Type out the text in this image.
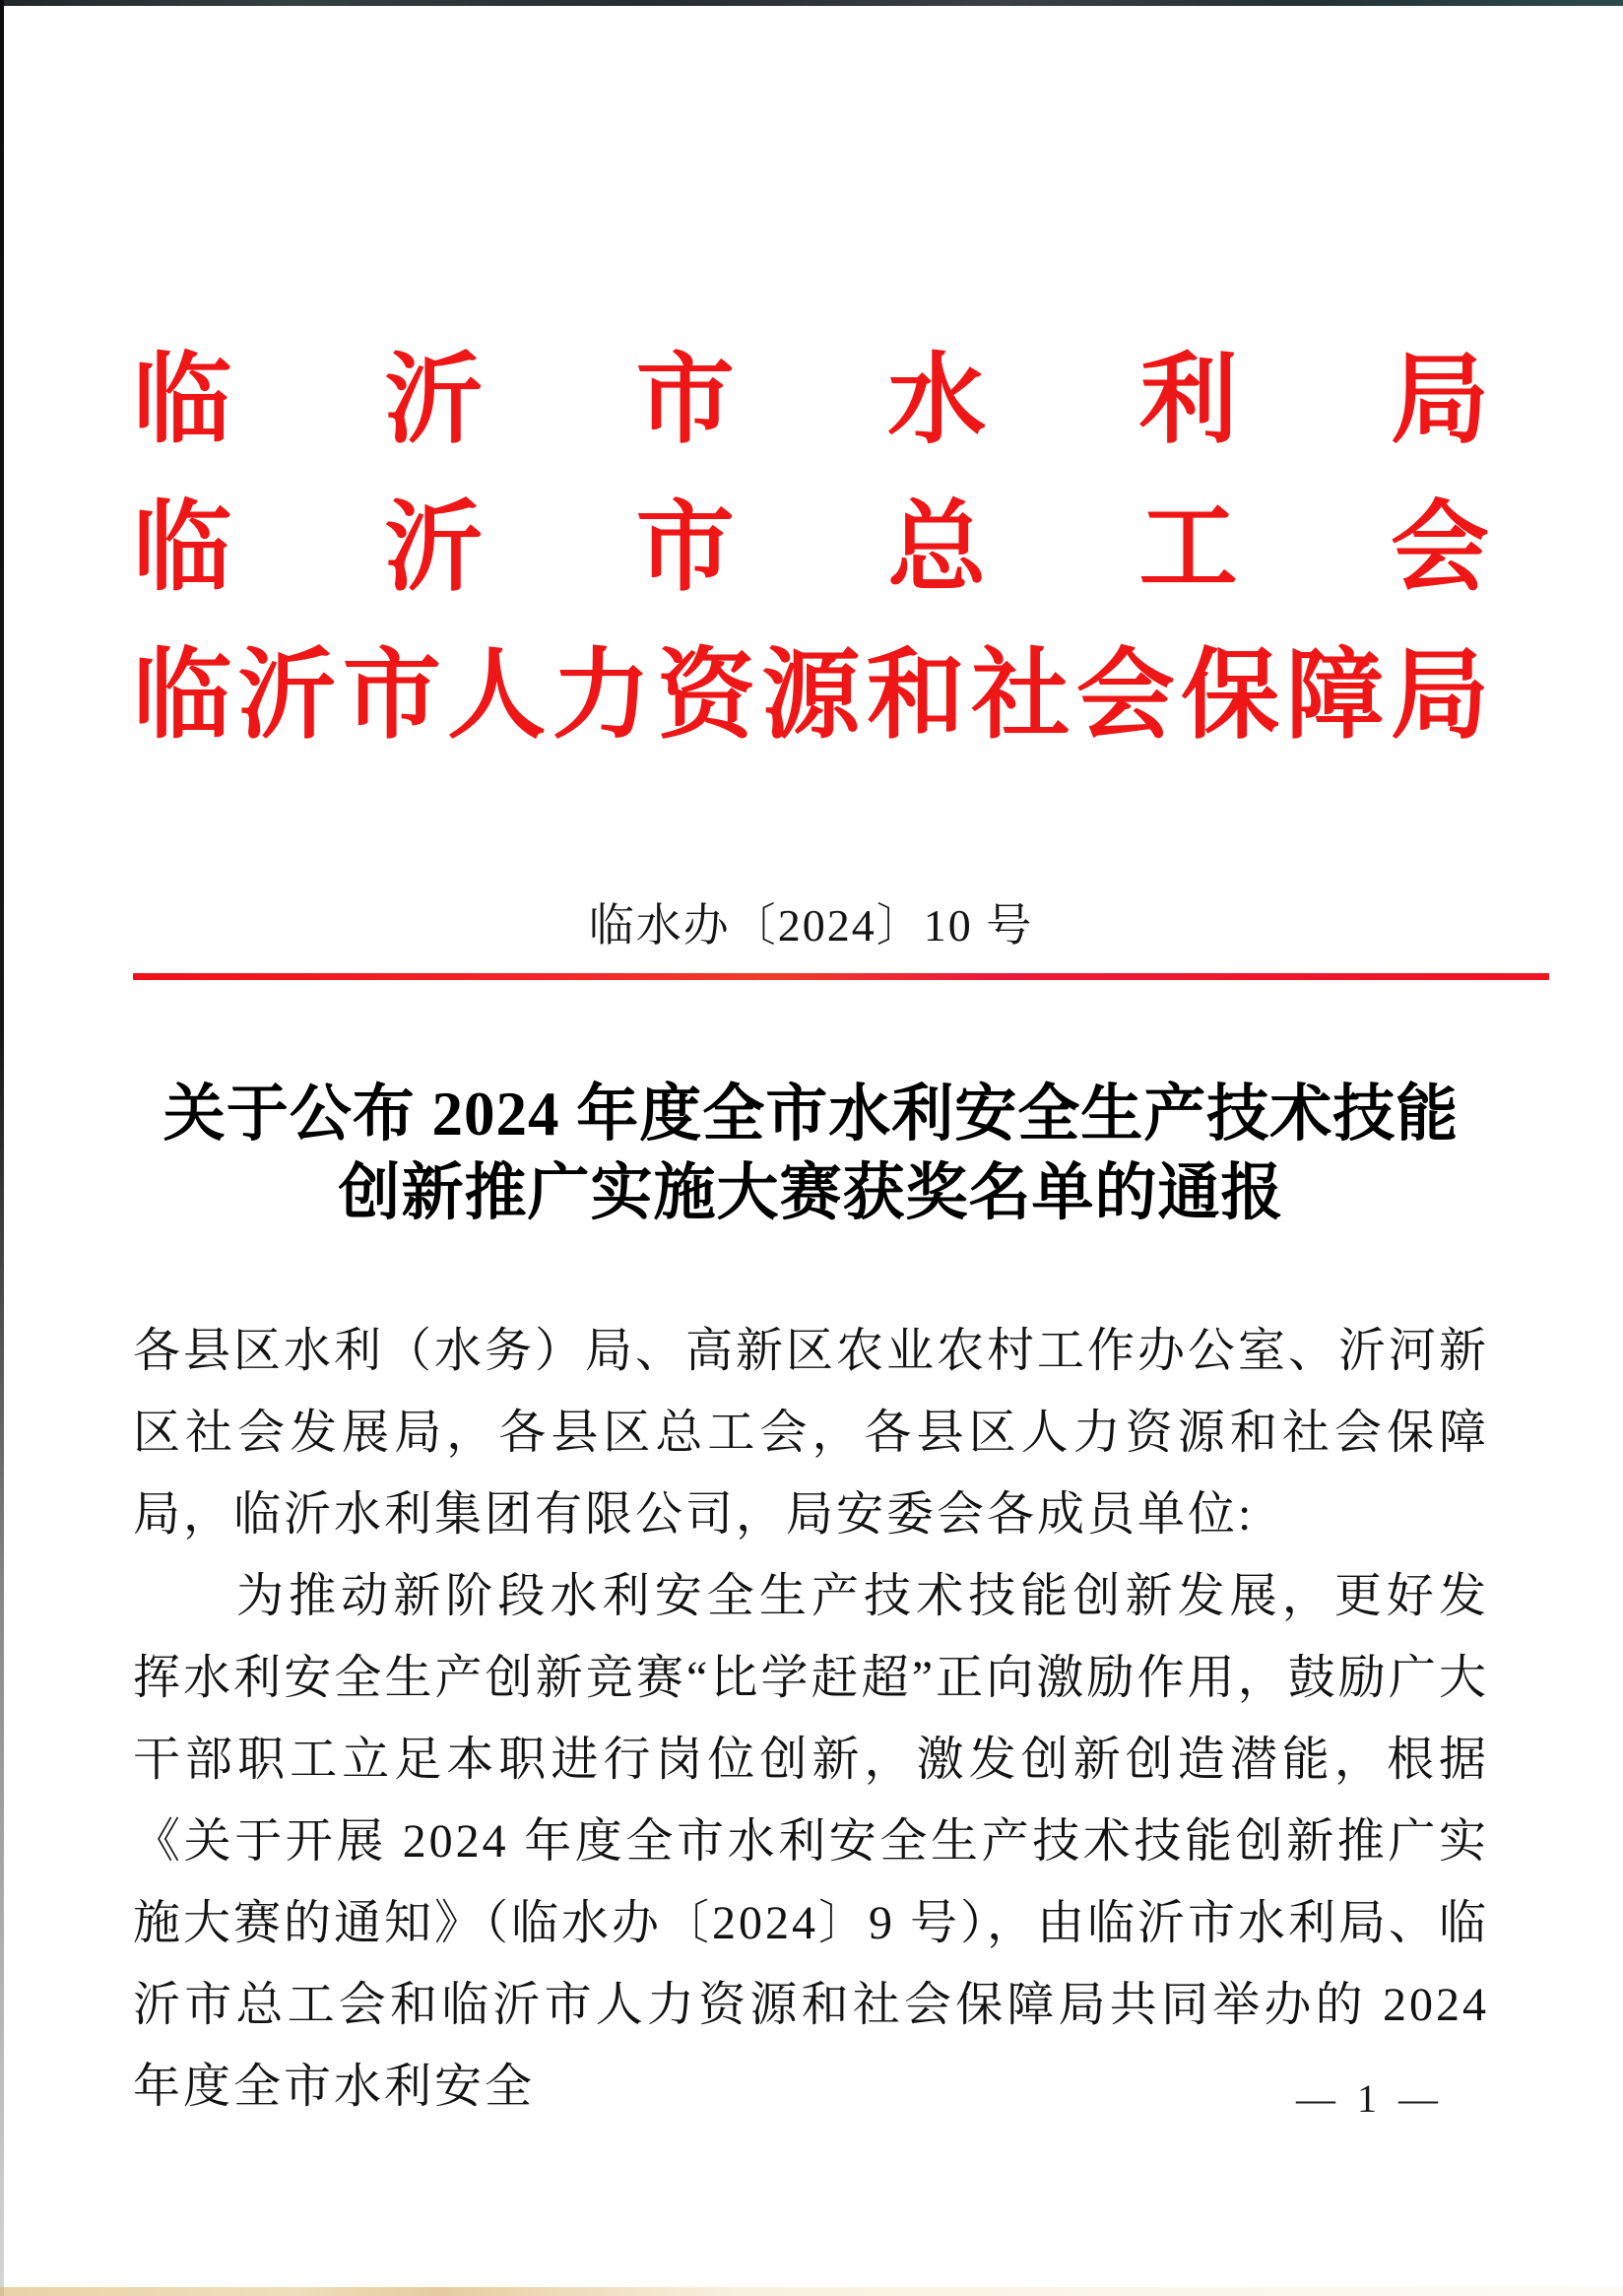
临沂市水利局
临沂市总工会
临沂市人力资源和社会保障局
临水办〔2024〕10 号
关于公布 2024 年度全市水利安全生产技术技能
创新推广实施大赛获奖名单的通报

各县区水利（水务）局、高新区农业农村工作办公室、沂河新区社会发展局，各县区总工会，各县区人力资源和社会保障局，临沂水利集团有限公司，局安委会各成员单位:

为推动新阶段水利安全生产技术技能创新发展，更好发挥水利安全生产创新竞赛“比学赶超”正向激励作用，鼓励广大干部职工立足本职进行岗位创新，激发创新创造潜能，根据《关于开展 2024 年度全市水利安全生产技术技能创新推广实施大赛的通知》（临水办〔2024〕9 号），由临沂市水利局、临沂市总工会和临沂市人力资源和社会保障局共同举办的 2024 年度全市水利安全	— 1 —
